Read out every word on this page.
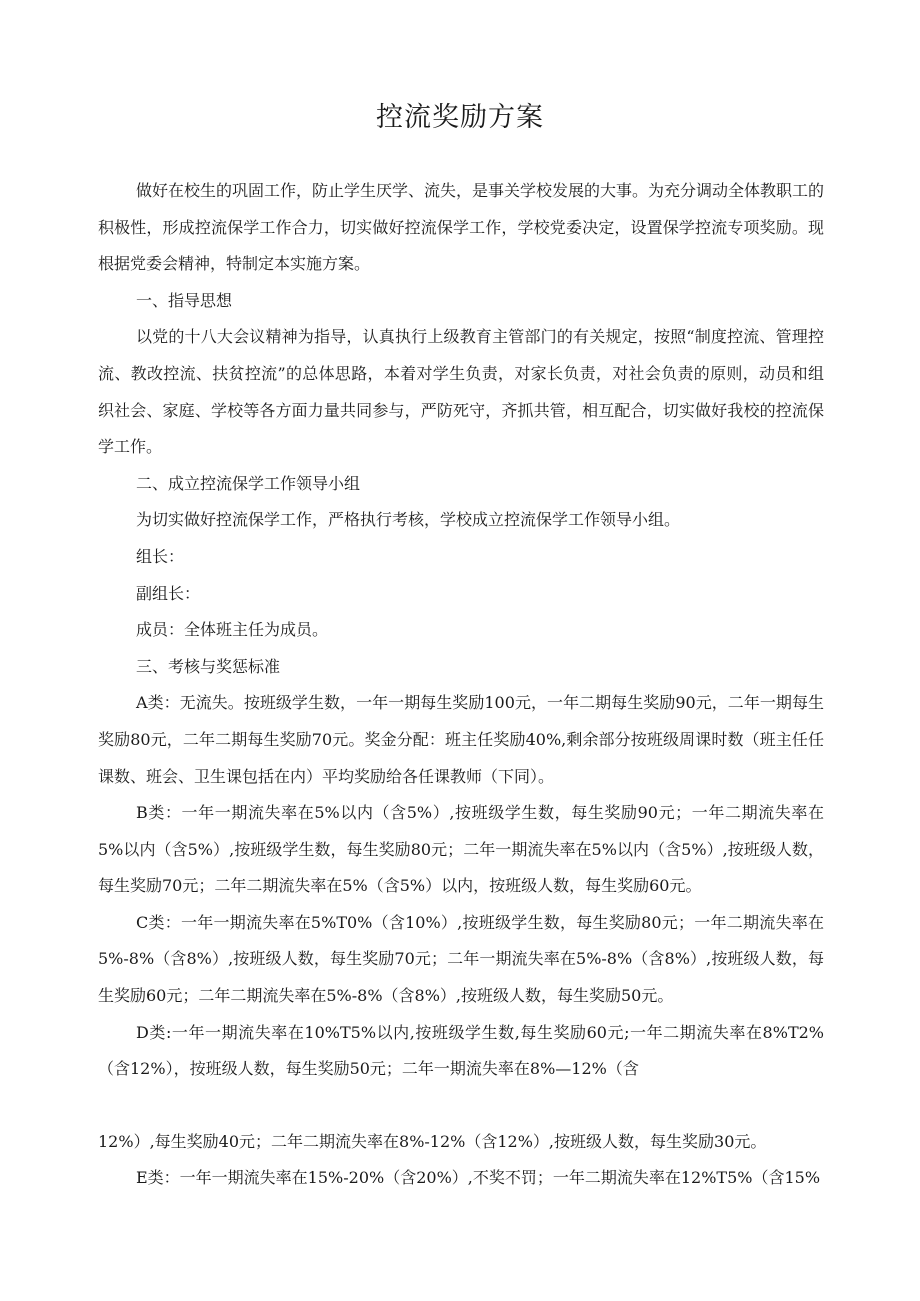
控流奖励方案

做好在校生的巩固工作，防止学生厌学、流失，是事关学校发展的大事。为充分调动全体教职工的积极性，形成控流保学工作合力，切实做好控流保学工作，学校党委决定，设置保学控流专项奖励。现根据党委会精神，特制定本实施方案。

一、指导思想

以党的十八大会议精神为指导，认真执行上级教育主管部门的有关规定，按照“制度控流、管理控流、教改控流、扶贫控流”的总体思路，本着对学生负责，对家长负责，对社会负责的原则，动员和组织社会、家庭、学校等各方面力量共同参与，严防死守，齐抓共管，相互配合，切实做好我校的控流保学工作。

二、成立控流保学工作领导小组

为切实做好控流保学工作，严格执行考核，学校成立控流保学工作领导小组。

组长：

副组长：

成员：全体班主任为成员。

三、考核与奖惩标准

A类：无流失。按班级学生数，一年一期每生奖励100元，一年二期每生奖励90元，二年一期每生奖励80元，二年二期每生奖励70元。奖金分配：班主任奖励40%,剩余部分按班级周课时数（班主任任课数、班会、卫生课包括在内）平均奖励给各任课教师（下同）。

B类：一年一期流失率在5%以内（含5%）,按班级学生数，每生奖励90元；一年二期流失率在5%以内（含5%）,按班级学生数，每生奖励80元；二年一期流失率在5%以内（含5%）,按班级人数，每生奖励70元；二年二期流失率在5%（含5%）以内，按班级人数，每生奖励60元。

C类：一年一期流失率在5%T0%（含10%）,按班级学生数，每生奖励80元；一年二期流失率在5%-8%（含8%）,按班级人数，每生奖励70元；二年一期流失率在5%-8%（含8%）,按班级人数，每生奖励60元；二年二期流失率在5%-8%（含8%）,按班级人数，每生奖励50元。

D类:一年一期流失率在10%T5%以内,按班级学生数,每生奖励60元;一年二期流失率在8%T2%（含12%），按班级人数，每生奖励50元；二年一期流失率在8%—12%（含

12%）,每生奖励40元；二年二期流失率在8%-12%（含12%）,按班级人数，每生奖励30元。

E类：一年一期流失率在15%-20%（含20%）,不奖不罚；一年二期流失率在12%T5%（含15%
